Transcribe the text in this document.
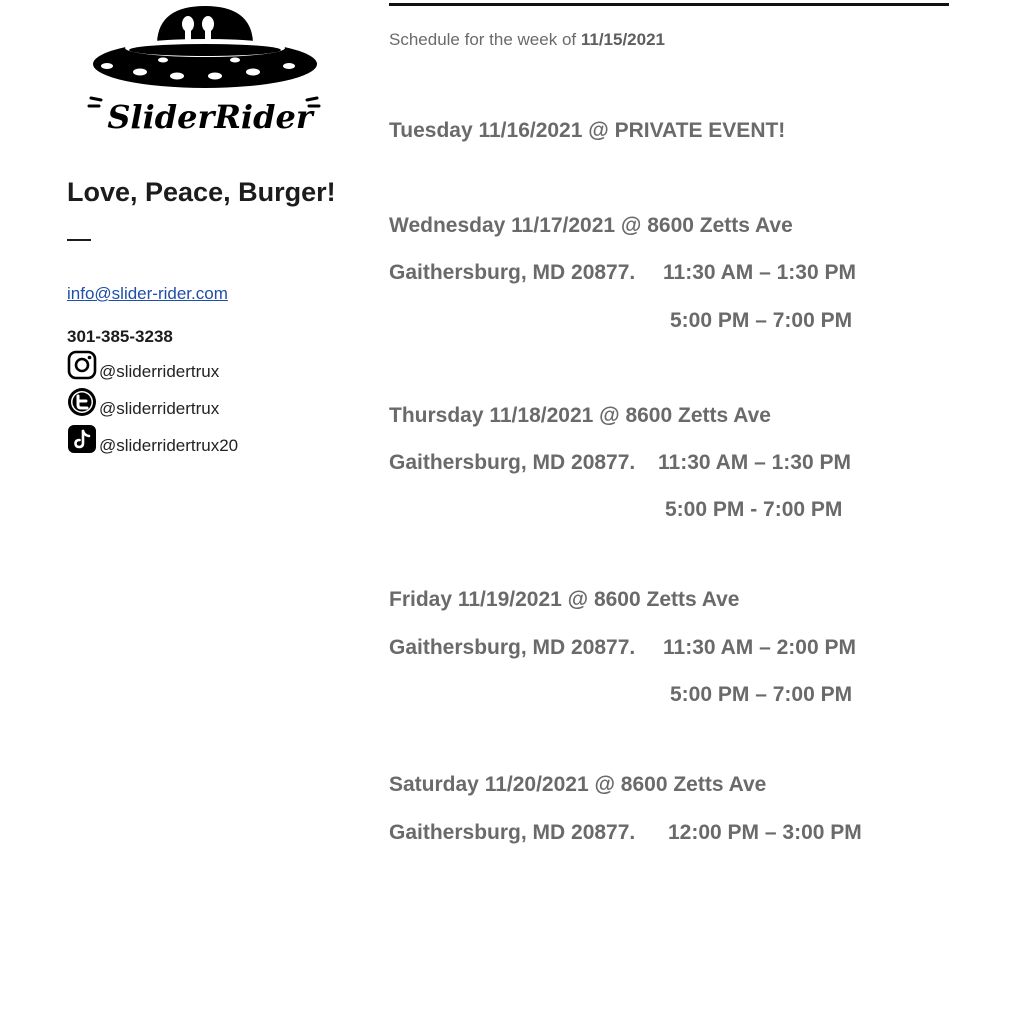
SliderRider
Love, Peace, Burger!
info@slider-rider.com
301-385-3238
@sliderridertrux
@sliderridertrux
@sliderridertrux20
Schedule for the week of 11/15/2021
Tuesday 11/16/2021 @ PRIVATE EVENT!
Wednesday 11/17/2021 @ 8600 Zetts Ave
Gaithersburg, MD 20877. 11:30 AM – 1:30 PM
5:00 PM – 7:00 PM
Thursday 11/18/2021 @ 8600 Zetts Ave
Gaithersburg, MD 20877. 11:30 AM – 1:30 PM
5:00 PM - 7:00 PM
Friday 11/19/2021 @ 8600 Zetts Ave
Gaithersburg, MD 20877. 11:30 AM – 2:00 PM
5:00 PM – 7:00 PM
Saturday 11/20/2021 @ 8600 Zetts Ave
Gaithersburg, MD 20877. 12:00 PM – 3:00 PM
